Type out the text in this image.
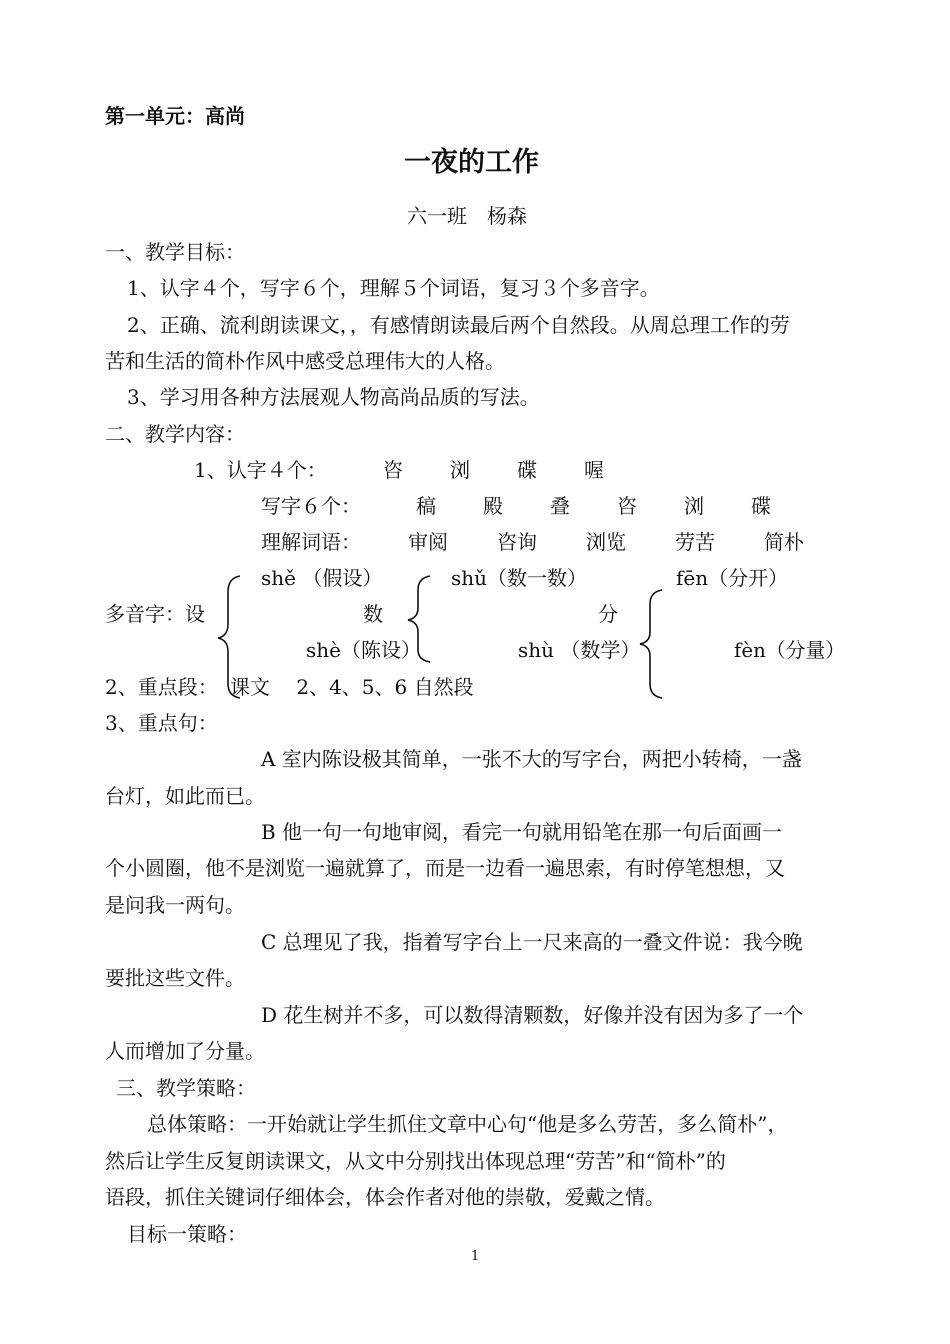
第一单元：高尚
一夜的工作
六一班　杨森
一、教学目标：
1、认字４个，写字６个，理解５个词语，复习３个多音字。
2、正确、流利朗读课文，，有感情朗读最后两个自然段。从周总理工作的劳
苦和生活的简朴作风中感受总理伟大的人格。
3、学习用各种方法展观人物高尚品质的写法。
二、教学内容：
1、认字４个：	咨 浏 碟 喔
写字６个：	稿 殿 叠 咨 浏 碟
理解词语： 审阅 咨询 浏览 劳苦 简朴
shě （假设）	shǔ（数一数）	fēn（分开）
多音字：设	数	分
shè（陈设）	shù （数学）	fèn（分量）
2、重点段： 课文　 2、4、5、6 自然段
3、重点句：
A 室内陈设极其简单，一张不大的写字台，两把小转椅，一盏
台灯，如此而已。
B 他一句一句地审阅，看完一句就用铅笔在那一句后面画一
个小圆圈，他不是浏览一遍就算了，而是一边看一遍思索，有时停笔想想，又
是问我一两句。
C 总理见了我，指着写字台上一尺来高的一叠文件说：我今晚
要批这些文件。
D 花生树并不多，可以数得清颗数，好像并没有因为多了一个
人而增加了分量。
三、教学策略：
总体策略：一开始就让学生抓住文章中心句“他是多么劳苦，多么简朴”，
然后让学生反复朗读课文，从文中分别找出体现总理“劳苦”和“简朴”的
语段，抓住关键词仔细体会，体会作者对他的崇敬，爱戴之情。
目标一策略：
1
